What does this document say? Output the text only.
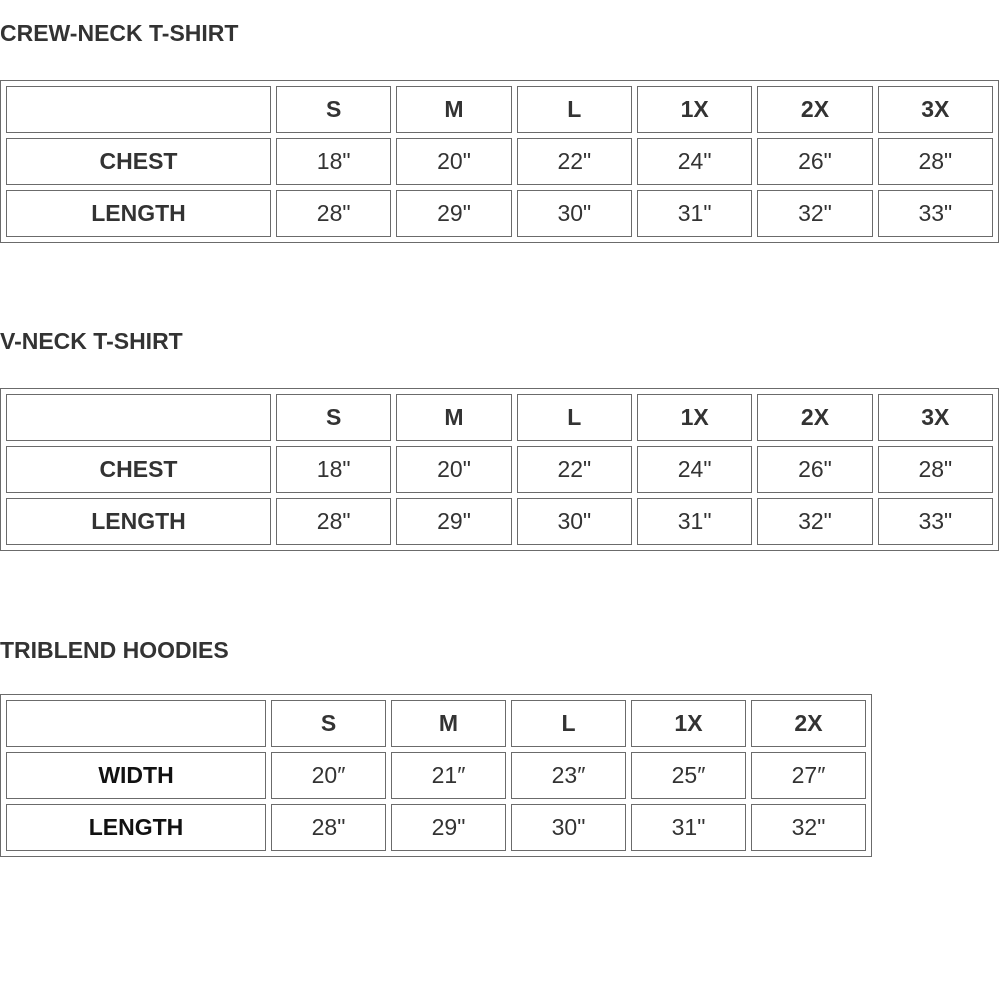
CREW-NECK T-SHIRT
	S	M	L	1X	2X	3X
CHEST	18"	20"	22"	24"	26"	28"
LENGTH	28"	29"	30"	31"	32"	33"
V-NECK T-SHIRT
	S	M	L	1X	2X	3X
CHEST	18"	20"	22"	24"	26"	28"
LENGTH	28"	29"	30"	31"	32"	33"
TRIBLEND HOODIES
	S	M	L	1X	2X
WIDTH	20″	21″	23″	25″	27″
LENGTH	28"	29"	30"	31"	32"
